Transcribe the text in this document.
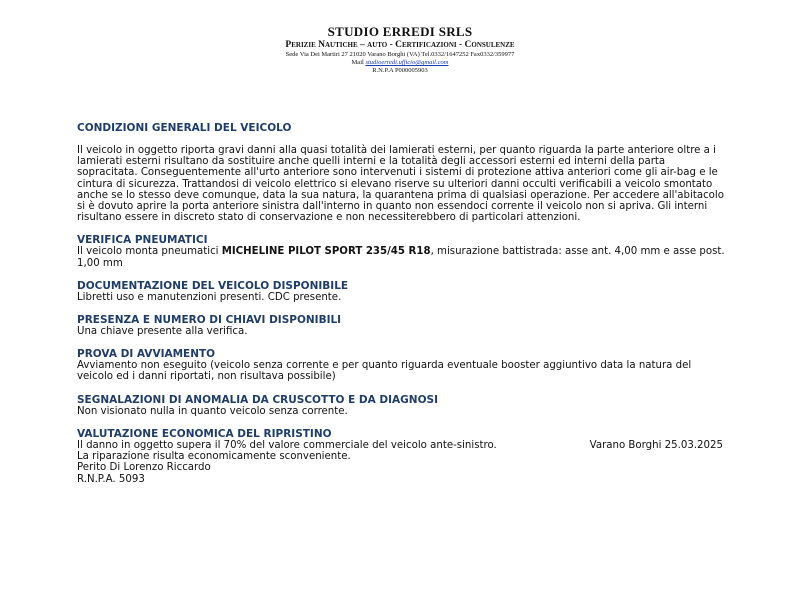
STUDIO ERREDI SRLS
Perizie Nautiche – auto - Certificazioni - Consulenze
Sede Via Dei Martiri 27 21020 Varano Borghi (VA) Tel.0332/1647252 Fax0332/359977
Mail studioerredi.ufficio@gmail.com
R.N.P.A P000005903
CONDIZIONI GENERALI DEL VEICOLO
Il veicolo in oggetto riporta gravi danni alla quasi totalità dei lamierati esterni, per quanto riguarda la parte anteriore oltre a i lamierati esterni risultano da sostituire anche quelli interni e la totalità degli accessori esterni ed interni della parta sopracitata. Conseguentemente all'urto anteriore sono intervenuti i sistemi di protezione attiva anteriori come gli air-bag e le cintura di sicurezza. Trattandosi di veicolo elettrico si elevano riserve su ulteriori danni occulti verificabili a veicolo smontato anche se lo stesso deve comunque, data la sua natura, la quarantena prima di qualsiasi operazione. Per accedere all'abitacolo si è dovuto aprire la porta anteriore sinistra dall'interno in quanto non essendoci corrente il veicolo non si apriva. Gli interni risultano essere in discreto stato di conservazione e non necessiterebbero di particolari attenzioni.
VERIFICA PNEUMATICI
Il veicolo monta pneumatici MICHELINE PILOT SPORT 235/45 R18, misurazione battistrada: asse ant. 4,00 mm e asse post. 1,00 mm
DOCUMENTAZIONE DEL VEICOLO DISPONIBILE
Libretti uso e manutenzioni presenti. CDC presente.
PRESENZA E NUMERO DI CHIAVI DISPONIBILI
Una chiave presente alla verifica.
PROVA DI AVVIAMENTO
Avviamento non eseguito (veicolo senza corrente e per quanto riguarda eventuale booster aggiuntivo data la natura del veicolo ed i danni riportati, non risultava possibile)
SEGNALAZIONI DI ANOMALIA DA CRUSCOTTO E DA DIAGNOSI
Non visionato nulla in quanto veicolo senza corrente.
VALUTAZIONE ECONOMICA DEL RIPRISTINO
Il danno in oggetto supera il 70% del valore commerciale del veicolo ante-sinistro.
La riparazione risulta economicamente sconveniente.
Varano Borghi 25.03.2025
Perito Di Lorenzo Riccardo
R.N.P.A. 5093
